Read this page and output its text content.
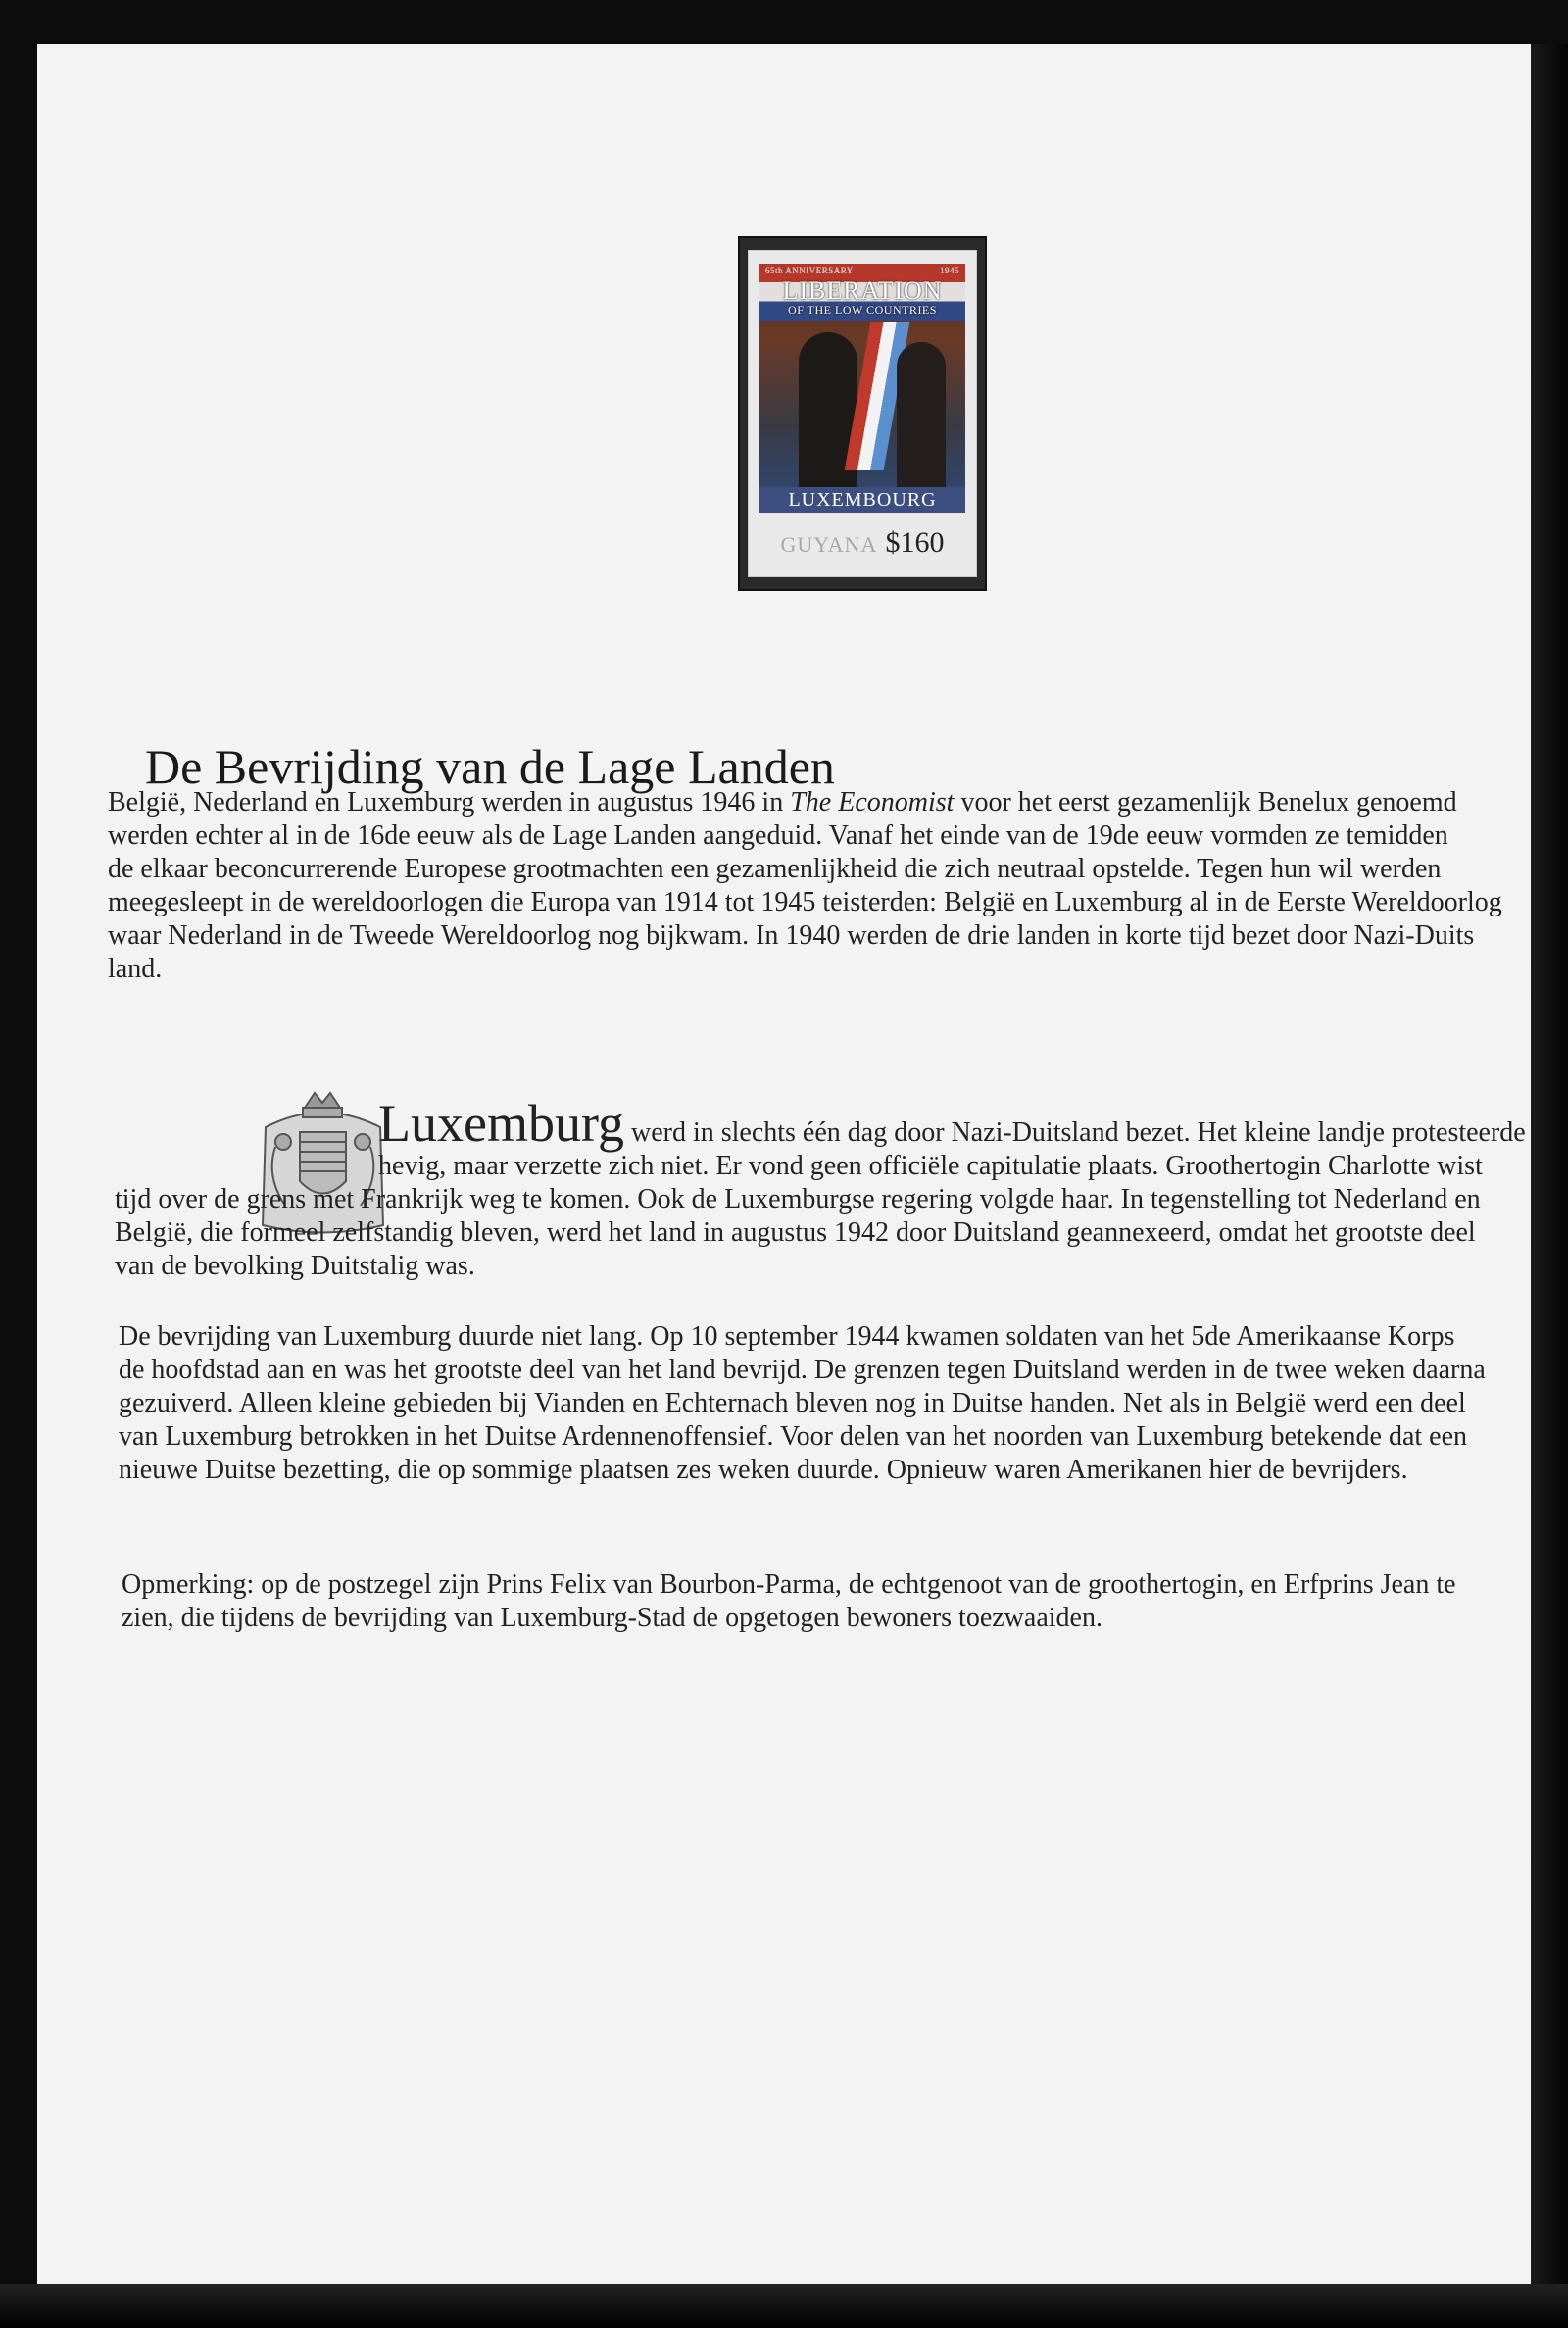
65th ANNIVERSARY	1945
LIBERATION
OF THE LOW COUNTRIES
LUXEMBOURG
GUYANA $160
De Bevrijding van de Lage Landen

België, Nederland en Luxemburg werden in augustus 1946 in The Economist voor het eerst gezamenlijk Benelux genoemd
werden echter al in de 16de eeuw als de Lage Landen aangeduid. Vanaf het einde van de 19de eeuw vormden ze temidden
de elkaar beconcurrerende Europese grootmachten een gezamenlijkheid die zich neutraal opstelde. Tegen hun wil werden
meegesleept in de wereldoorlogen die Europa van 1914 tot 1945 teisterden: België en Luxemburg al in de Eerste Wereldoorlog
waar Nederland in de Tweede Wereldoorlog nog bijkwam. In 1940 werden de drie landen in korte tijd bezet door Nazi-Duits
land.

Luxemburg werd in slechts één dag door Nazi-Duitsland bezet. Het kleine landje protesteerde
hevig, maar verzette zich niet. Er vond geen officiële capitulatie plaats. Groothertogin Charlotte wist

tijd over de grens met Frankrijk weg te komen. Ook de Luxemburgse regering volgde haar. In tegenstelling tot Nederland en
België, die formeel zelfstandig bleven, werd het land in augustus 1942 door Duitsland geannexeerd, omdat het grootste deel
van de bevolking Duitstalig was.

De bevrijding van Luxemburg duurde niet lang. Op 10 september 1944 kwamen soldaten van het 5de Amerikaanse Korps
de hoofdstad aan en was het grootste deel van het land bevrijd. De grenzen tegen Duitsland werden in de twee weken daarna
gezuiverd. Alleen kleine gebieden bij Vianden en Echternach bleven nog in Duitse handen. Net als in België werd een deel
van Luxemburg betrokken in het Duitse Ardennenoffensief. Voor delen van het noorden van Luxemburg betekende dat een
nieuwe Duitse bezetting, die op sommige plaatsen zes weken duurde. Opnieuw waren Amerikanen hier de bevrijders.

Opmerking: op de postzegel zijn Prins Felix van Bourbon-Parma, de echtgenoot van de groothertogin, en Erfprins Jean te
zien, die tijdens de bevrijding van Luxemburg-Stad de opgetogen bewoners toezwaaiden.
